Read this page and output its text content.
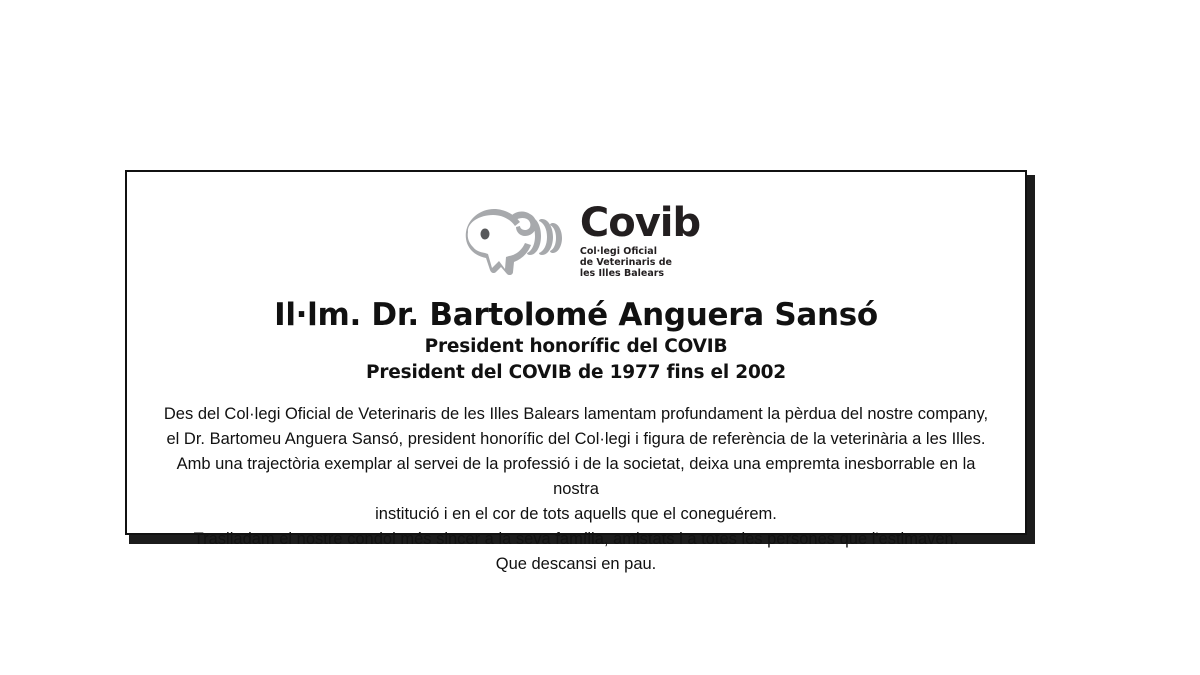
Covib
Col·legi Oficial
de Veterinaris de
les Illes Balears
Il·lm. Dr. Bartolomé Anguera Sansó
President honorífic del COVIB
President del COVIB de 1977 fins el 2002

Des del Col·legi Oficial de Veterinaris de les Illes Balears lamentam profundament la pèrdua del nostre company,

el Dr. Bartomeu Anguera Sansó, president honorífic del Col·legi i figura de referència de la veterinària a les Illes.

Amb una trajectòria exemplar al servei de la professió i de la societat, deixa una empremta inesborrable en la nostra

institució i en el cor de tots aquells que el coneguérem.

Traslladam el nostre condol més sincer a la seva família, amistats i a totes les persones que l'estimaven.

Que descansi en pau.
